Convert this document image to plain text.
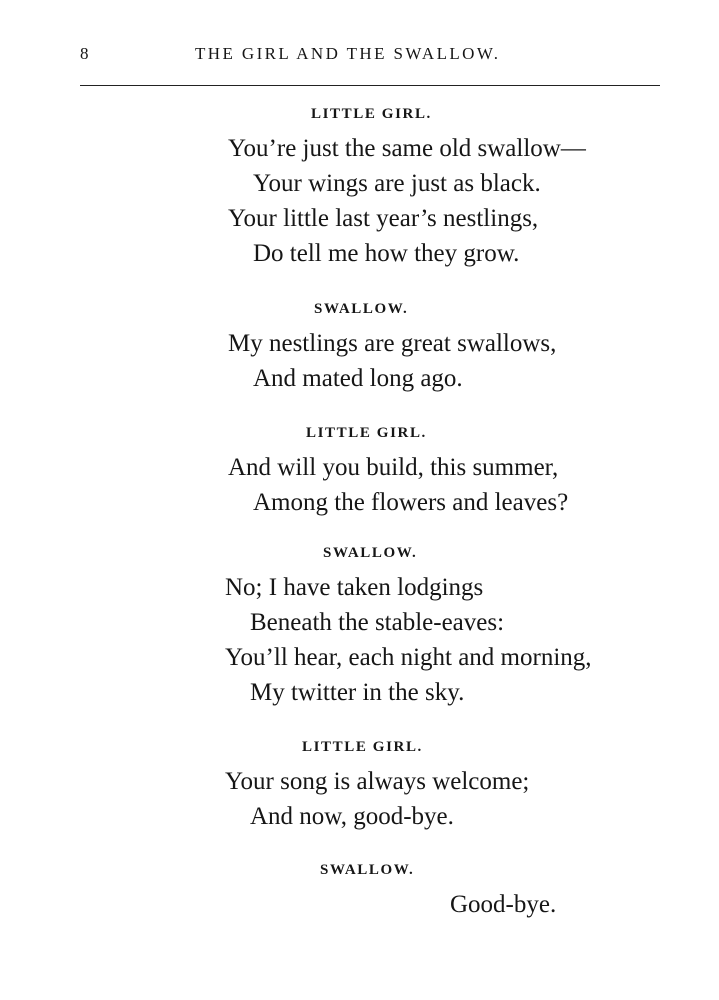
8	THE GIRL AND THE SWALLOW.
LITTLE GIRL.
You’re just the same old swallow—
Your wings are just as black.
Your little last year’s nestlings,
Do tell me how they grow.
SWALLOW.
My nestlings are great swallows,
And mated long ago.
LITTLE GIRL.
And will you build, this summer,
Among the flowers and leaves?
SWALLOW.
No; I have taken lodgings
Beneath the stable-eaves:
You’ll hear, each night and morning,
My twitter in the sky.
LITTLE GIRL.
Your song is always welcome;
And now, good-bye.
SWALLOW.
Good-bye.
